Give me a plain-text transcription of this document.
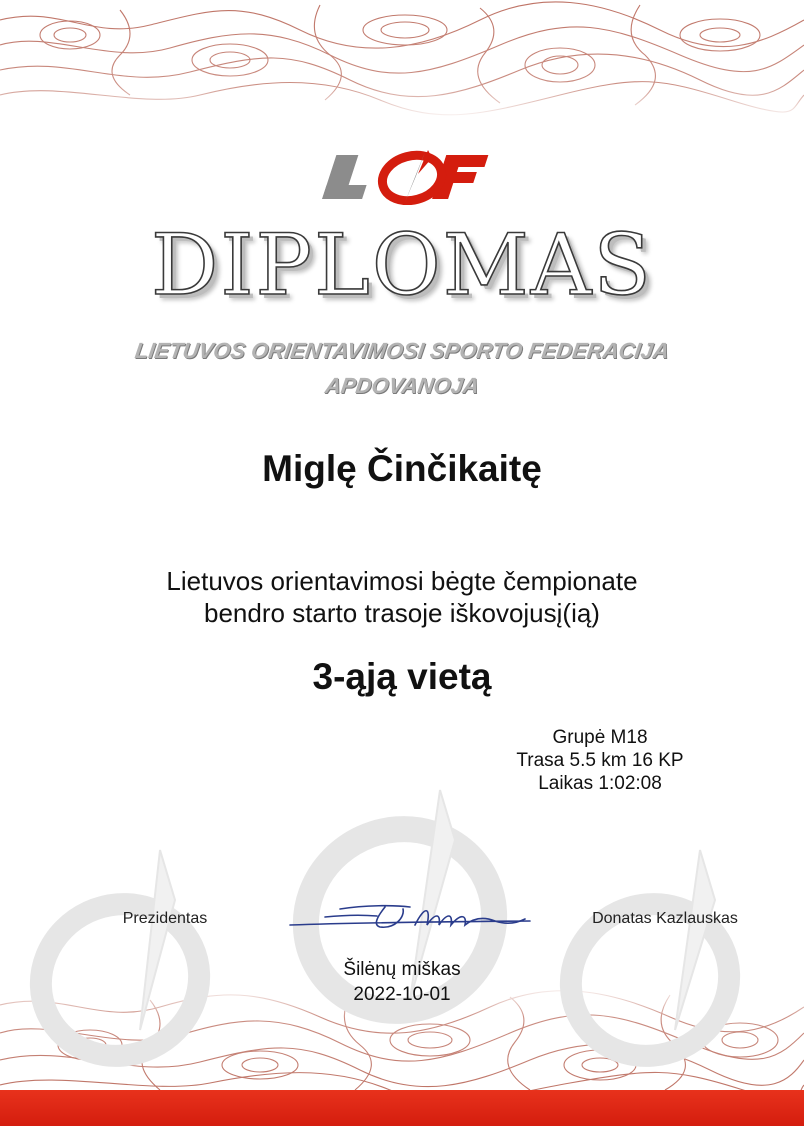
DIPLOMAS
LIETUVOS ORIENTAVIMOSI SPORTO FEDERACIJA
APDOVANOJA
Miglę Činčikaitę
Lietuvos orientavimosi bėgte čempionate
bendro starto trasoje iškovojusį(ią)
3-ąją vietą
Grupė M18
Trasa 5.5 km 16 KP
Laikas 1:02:08
Prezidentas	Donatas Kazlauskas
Šilėnų miškas
2022-10-01
